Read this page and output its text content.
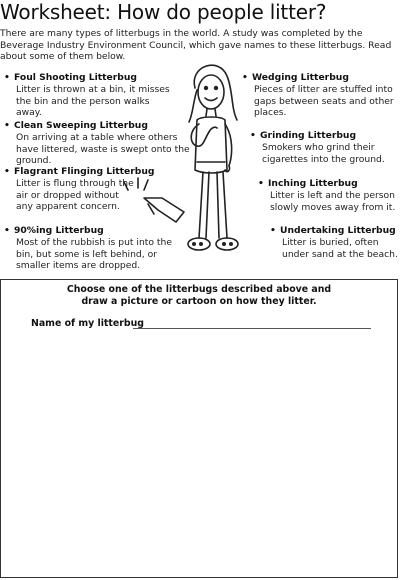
Worksheet: How do people litter?
There are many types of litterbugs in the world. A study was completed by the Beverage Industry Environment Council, which gave names to these litterbugs. Read about some of them below.
• Foul Shooting Litterbug
Litter is thrown at a bin, it misses the bin and the person walks away.
• Clean Sweeping Litterbug
On arriving at a table where others have littered, waste is swept onto the ground.
• Flagrant Flinging Litterbug
Litter is flung through the air or dropped without any apparent concern.
• 90%ing Litterbug
Most of the rubbish is put into the bin, but some is left behind, or smaller items are dropped.
• Wedging Litterbug
Pieces of litter are stuffed into gaps between seats and other places.
• Grinding Litterbug
Smokers who grind their cigarettes into the ground.
• Inching Litterbug
Litter is left and the person slowly moves away from it.
• Undertaking Litterbug
Litter is buried, often under sand at the beach.
Choose one of the litterbugs described above and
draw a picture or cartoon on how they litter.
Name of my litterbug
